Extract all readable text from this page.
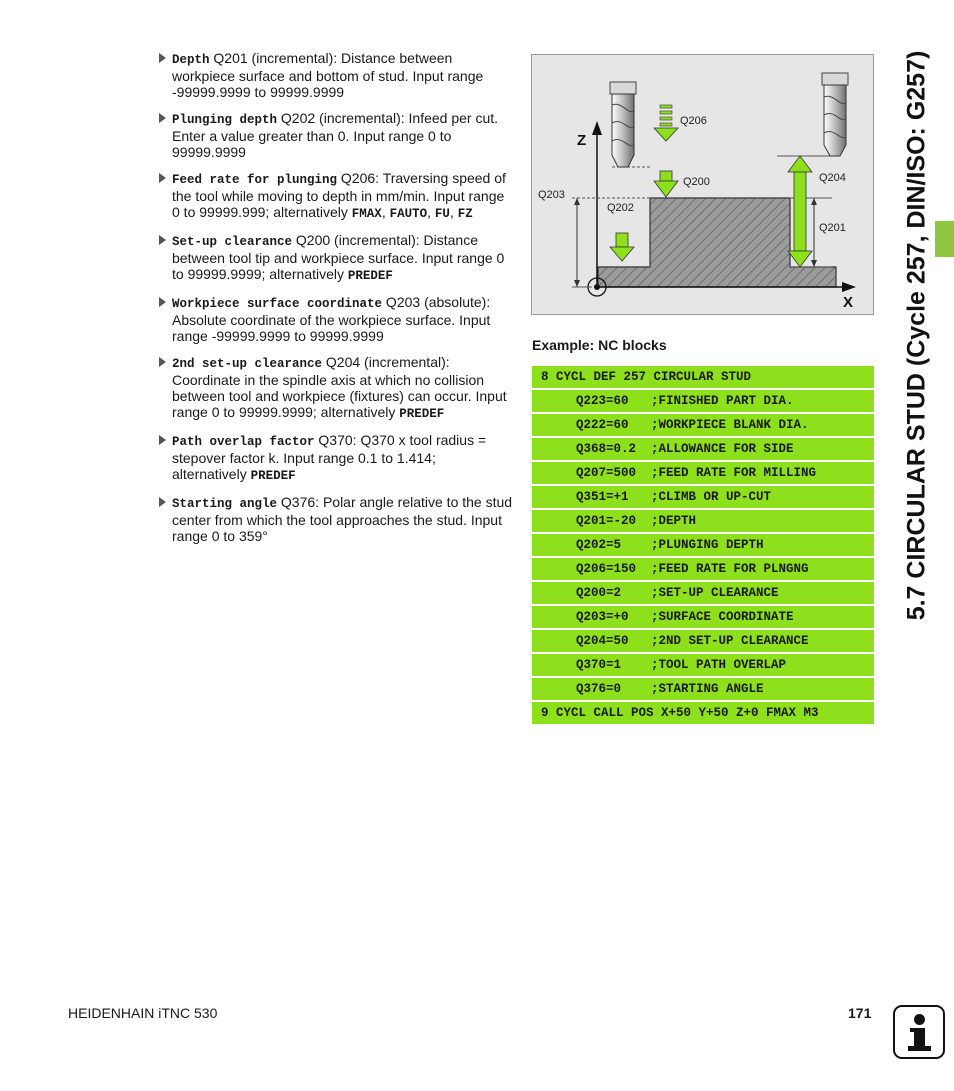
Depth Q201 (incremental): Distance between workpiece surface and bottom of stud. Input range -99999.9999 to 99999.9999
Plunging depth Q202 (incremental): Infeed per cut. Enter a value greater than 0. Input range 0 to 99999.9999
Feed rate for plunging Q206: Traversing speed of the tool while moving to depth in mm/min. Input range 0 to 99999.999; alternatively FMAX, FAUTO, FU, FZ
Set-up clearance Q200 (incremental): Distance between tool tip and workpiece surface. Input range 0 to 99999.9999; alternatively PREDEF
Workpiece surface coordinate Q203 (absolute): Absolute coordinate of the workpiece surface. Input range -99999.9999 to 99999.9999
2nd set-up clearance Q204 (incremental): Coordinate in the spindle axis at which no collision between tool and workpiece (fixtures) can occur. Input range 0 to 99999.9999; alternatively PREDEF
Path overlap factor Q370: Q370 x tool radius = stepover factor k. Input range 0.1 to 1.414; alternatively PREDEF
Starting angle Q376: Polar angle relative to the stud center from which the tool approaches the stud. Input range 0 to 359°
Q206
Z
Q200	Q204
Q203
Q202
Q201
X
Example: NC blocks
8 CYCL DEF 257 CIRCULAR STUD
Q223=60   ;FINISHED PART DIA.
Q222=60   ;WORKPIECE BLANK DIA.
Q368=0.2  ;ALLOWANCE FOR SIDE
Q207=500  ;FEED RATE FOR MILLING
Q351=+1   ;CLIMB OR UP-CUT
Q201=-20  ;DEPTH
Q202=5    ;PLUNGING DEPTH
Q206=150  ;FEED RATE FOR PLNGNG
Q200=2    ;SET-UP CLEARANCE
Q203=+0   ;SURFACE COORDINATE
Q204=50   ;2ND SET-UP CLEARANCE
Q370=1    ;TOOL PATH OVERLAP
Q376=0    ;STARTING ANGLE
9 CYCL CALL POS X+50 Y+50 Z+0 FMAX M3
5.7 CIRCULAR STUD (Cycle 257, DIN/ISO: G257)
HEIDENHAIN iTNC 530	171
